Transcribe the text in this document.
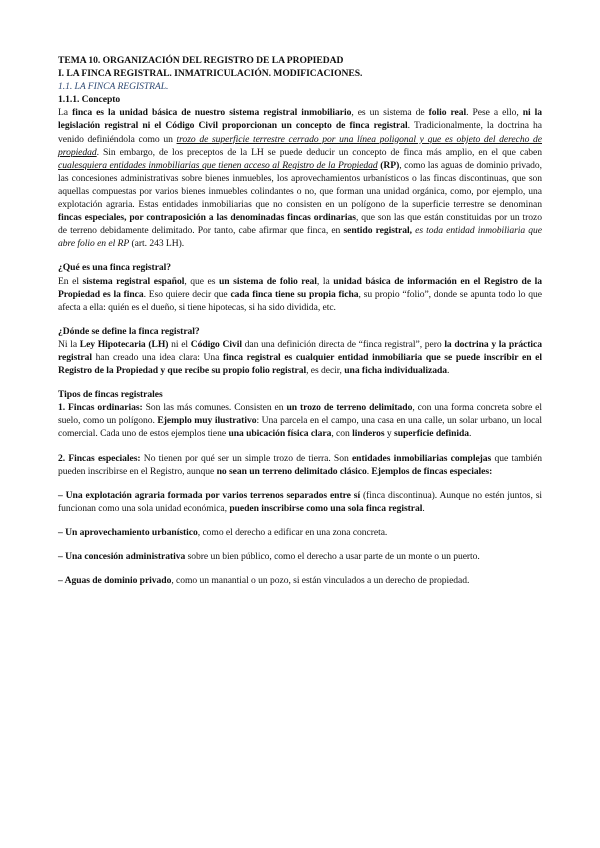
TEMA 10. ORGANIZACIÓN DEL REGISTRO DE LA PROPIEDAD

I. LA FINCA REGISTRAL. INMATRICULACIÓN. MODIFICACIONES.

1.1. LA FINCA REGISTRAL.

1.1.1. Concepto

La finca es la unidad básica de nuestro sistema registral inmobiliario, es un sistema de folio real. Pese a ello, ni la legislación registral ni el Código Civil proporcionan un concepto de finca registral. Tradicionalmente, la doctrina ha venido definiéndola como un trozo de superficie terrestre cerrado por una línea poligonal y que es objeto del derecho de propiedad. Sin embargo, de los preceptos de la LH se puede deducir un concepto de finca más amplio, en el que caben cualesquiera entidades inmobiliarias que tienen acceso al Registro de la Propiedad (RP), como las aguas de dominio privado, las concesiones administrativas sobre bienes inmuebles, los aprovechamientos urbanísticos o las fincas discontinuas, que son aquellas compuestas por varios bienes inmuebles colindantes o no, que forman una unidad orgánica, como, por ejemplo, una explotación agraria. Estas entidades inmobiliarias que no consisten en un polígono de la superficie terrestre se denominan fincas especiales, por contraposición a las denominadas fincas ordinarias, que son las que están constituidas por un trozo de terreno debidamente delimitado. Por tanto, cabe afirmar que finca, en sentido registral, es toda entidad inmobiliaria que abre folio en el RP (art. 243 LH).

¿Qué es una finca registral?

En el sistema registral español, que es un sistema de folio real, la unidad básica de información en el Registro de la Propiedad es la finca. Eso quiere decir que cada finca tiene su propia ficha, su propio “folio”, donde se apunta todo lo que afecta a ella: quién es el dueño, si tiene hipotecas, si ha sido dividida, etc.

¿Dónde se define la finca registral?

Ni la Ley Hipotecaria (LH) ni el Código Civil dan una definición directa de “finca registral”, pero la doctrina y la práctica registral han creado una idea clara: Una finca registral es cualquier entidad inmobiliaria que se puede inscribir en el Registro de la Propiedad y que recibe su propio folio registral, es decir, una ficha individualizada.

Tipos de fincas registrales

1. Fincas ordinarias: Son las más comunes. Consisten en un trozo de terreno delimitado, con una forma concreta sobre el suelo, como un polígono. Ejemplo muy ilustrativo: Una parcela en el campo, una casa en una calle, un solar urbano, un local comercial. Cada uno de estos ejemplos tiene una ubicación física clara, con linderos y superficie definida.

2. Fincas especiales: No tienen por qué ser un simple trozo de tierra. Son entidades inmobiliarias complejas que también pueden inscribirse en el Registro, aunque no sean un terreno delimitado clásico. Ejemplos de fincas especiales:

– Una explotación agraria formada por varios terrenos separados entre sí (finca discontinua). Aunque no estén juntos, si funcionan como una sola unidad económica, pueden inscribirse como una sola finca registral.

– Un aprovechamiento urbanístico, como el derecho a edificar en una zona concreta.

– Una concesión administrativa sobre un bien público, como el derecho a usar parte de un monte o un puerto.

– Aguas de dominio privado, como un manantial o un pozo, si están vinculados a un derecho de propiedad.
